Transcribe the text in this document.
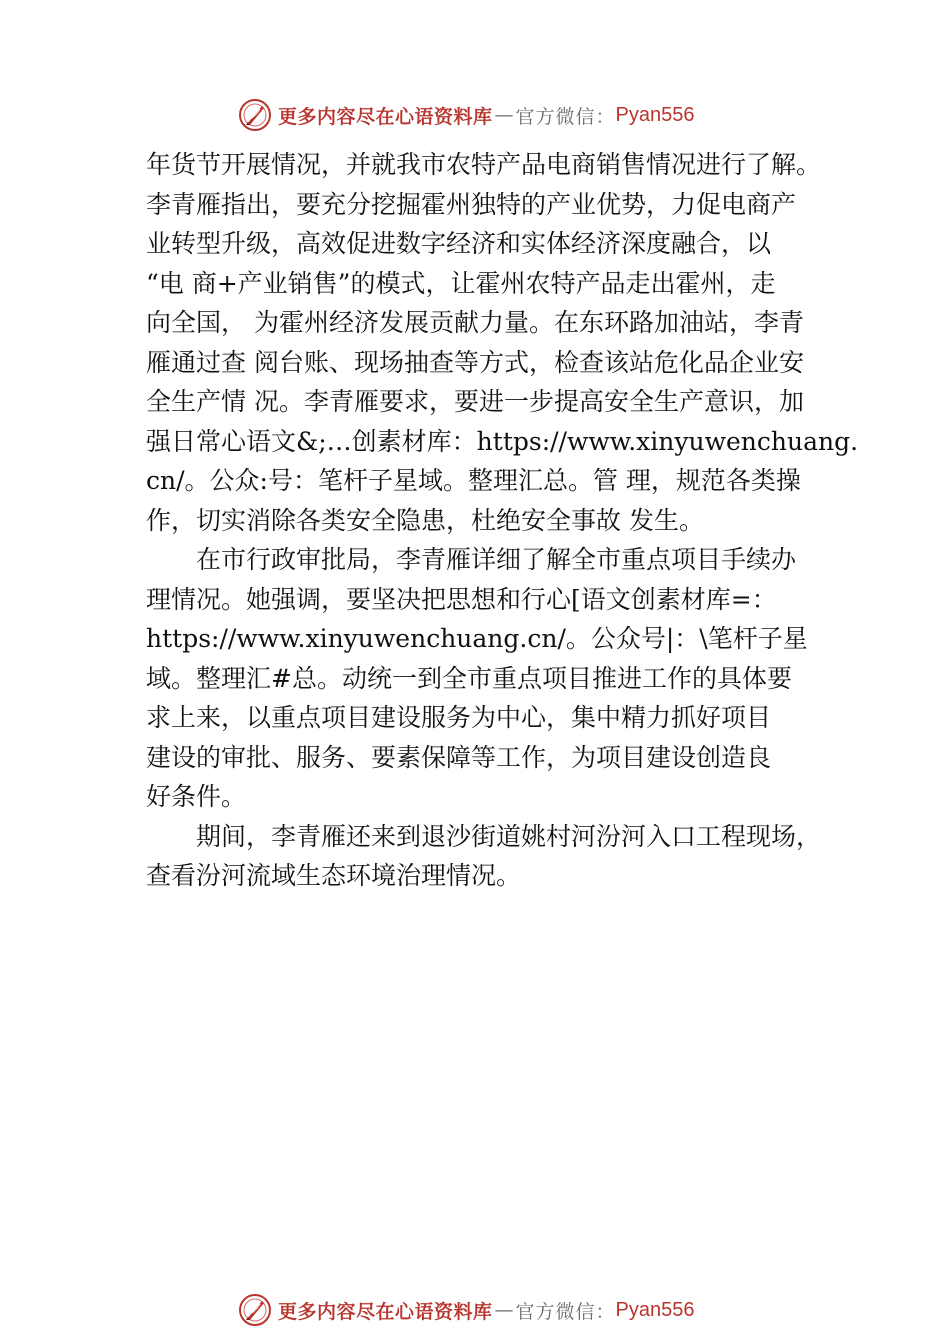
更多内容尽在心语资料库 — 官方微信： Pyan556
年货节开展情况，并就我市农特产品电商销售情况进行了解。
李青雁指出，要充分挖掘霍州独特的产业优势，力促电商产
业转型升级，高效促进数字经济和实体经济深度融合，以
“电 商+产业销售”的模式，让霍州农特产品走出霍州，走
向全国， 为霍州经济发展贡献力量。在东环路加油站，李青
雁通过查 阅台账、现场抽查等方式，检查该站危化品企业安
全生产情 况。李青雁要求，要进一步提高安全生产意识，加
强日常心语文&;…创素材库：https://www.xinyuwenchuang.
cn/。公众:号：笔杆子星域。整理汇总。管 理，规范各类操
作，切实消除各类安全隐患，杜绝安全事故 发生。
在市行政审批局，李青雁详细了解全市重点项目手续办
理情况。她强调，要坚决把思想和行心[语文创素材库=：
https://www.xinyuwenchuang.cn/。公众号|：\笔杆子星
域。整理汇#总。动统一到全市重点项目推进工作的具体要
求上来，以重点项目建设服务为中心，集中精力抓好项目
建设的审批、服务、要素保障等工作，为项目建设创造良
好条件。
期间，李青雁还来到退沙街道姚村河汾河入口工程现场，
查看汾河流域生态环境治理情况。
更多内容尽在心语资料库 — 官方微信： Pyan556
